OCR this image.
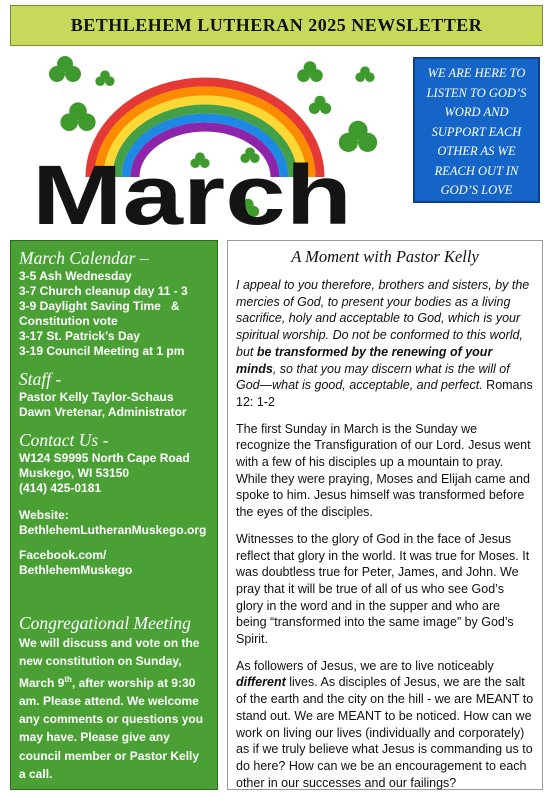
BETHLEHEM LUTHERAN 2025 NEWSLETTER
March
WE ARE HERE TO
LISTEN TO GOD’S
WORD AND
SUPPORT EACH
OTHER AS WE
REACH OUT IN
GOD’S LOVE
March Calendar –
3-5 Ash Wednesday
3-7 Church cleanup day 11 - 3
3-9 Daylight Saving Time   &
Constitution vote
3-17 St. Patrick’s Day
3-19 Council Meeting at 1 pm
Staff -
Pastor Kelly Taylor-Schaus
Dawn Vretenar, Administrator
Contact Us -
W124 S9995 North Cape Road
Muskego, WI 53150
(414) 425-0181
Website:
BethlehemLutheranMuskego.org
Facebook.com/
BethlehemMuskego
Congregational Meeting
We will discuss and vote on the new constitution on Sunday, March 9th, after worship at 9:30 am. Please attend. We welcome any comments or questions you may have. Please give any council member or Pastor Kelly a call.
A Moment with Pastor Kelly

I appeal to you therefore, brothers and sisters, by the mercies of God, to present your bodies as a living sacrifice, holy and acceptable to God, which is your spiritual worship. Do not be conformed to this world, but be transformed by the renewing of your minds, so that you may discern what is the will of God—what is good, acceptable, and perfect. Romans 12: 1-2

The first Sunday in March is the Sunday we recognize the Transfiguration of our Lord. Jesus went with a few of his disciples up a mountain to pray. While they were praying, Moses and Elijah came and spoke to him. Jesus himself was transformed before the eyes of the disciples.

Witnesses to the glory of God in the face of Jesus reflect that glory in the world. It was true for Moses. It was doubtless true for Peter, James, and John. We pray that it will be true of all of us who see God’s glory in the word and in the supper and who are being “transformed into the same image” by God’s Spirit.

As followers of Jesus, we are to live noticeably different lives. As disciples of Jesus, we are the salt of the earth and the city on the hill - we are MEANT to stand out. We are MEANT to be noticed. How can we work on living our lives (individually and corporately) as if we truly believe what Jesus is commanding us to do here? How can we be an encouragement to each other in our successes and our failings?
